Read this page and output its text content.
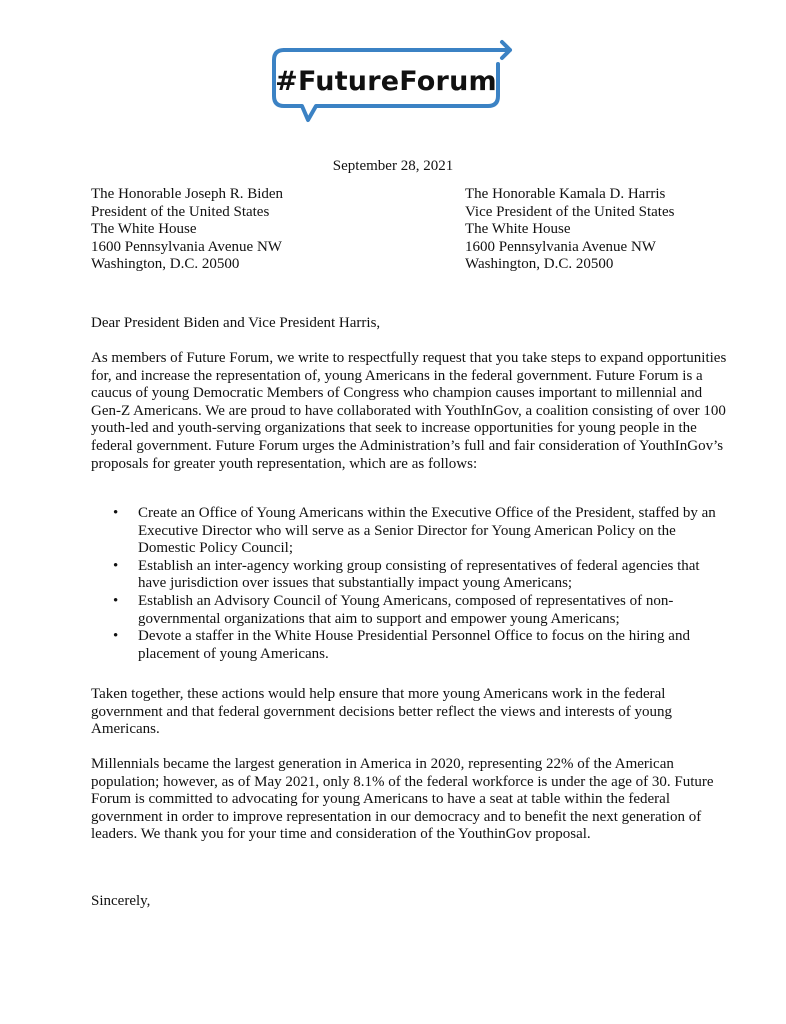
#FutureForum
September 28, 2021
The Honorable Joseph R. Biden
President of the United States
The White House
1600 Pennsylvania Avenue NW
Washington, D.C. 20500
The Honorable Kamala D. Harris
Vice President of the United States
The White House
1600 Pennsylvania Avenue NW
Washington, D.C. 20500
Dear President Biden and Vice President Harris,
As members of Future Forum, we write to respectfully request that you take steps to expand opportunities for, and increase the representation of, young Americans in the federal government. Future Forum is a caucus of young Democratic Members of Congress who champion causes important to millennial and Gen-Z Americans. We are proud to have collaborated with YouthInGov, a coalition consisting of over 100 youth-led and youth-serving organizations that seek to increase opportunities for young people in the federal government. Future Forum urges the Administration’s full and fair consideration of YouthInGov’s proposals for greater youth representation, which are as follows:
• Create an Office of Young Americans within the Executive Office of the President, staffed by an Executive Director who will serve as a Senior Director for Young American Policy on the Domestic Policy Council;
• Establish an inter-agency working group consisting of representatives of federal agencies that have jurisdiction over issues that substantially impact young Americans;
• Establish an Advisory Council of Young Americans, composed of representatives of non-governmental organizations that aim to support and empower young Americans;
• Devote a staffer in the White House Presidential Personnel Office to focus on the hiring and placement of young Americans.
Taken together, these actions would help ensure that more young Americans work in the federal government and that federal government decisions better reflect the views and interests of young Americans.
Millennials became the largest generation in America in 2020, representing 22% of the American population; however, as of May 2021, only 8.1% of the federal workforce is under the age of 30. Future Forum is committed to advocating for young Americans to have a seat at table within the federal government in order to improve representation in our democracy and to benefit the next generation of leaders. We thank you for your time and consideration of the YouthinGov proposal.
Sincerely,
